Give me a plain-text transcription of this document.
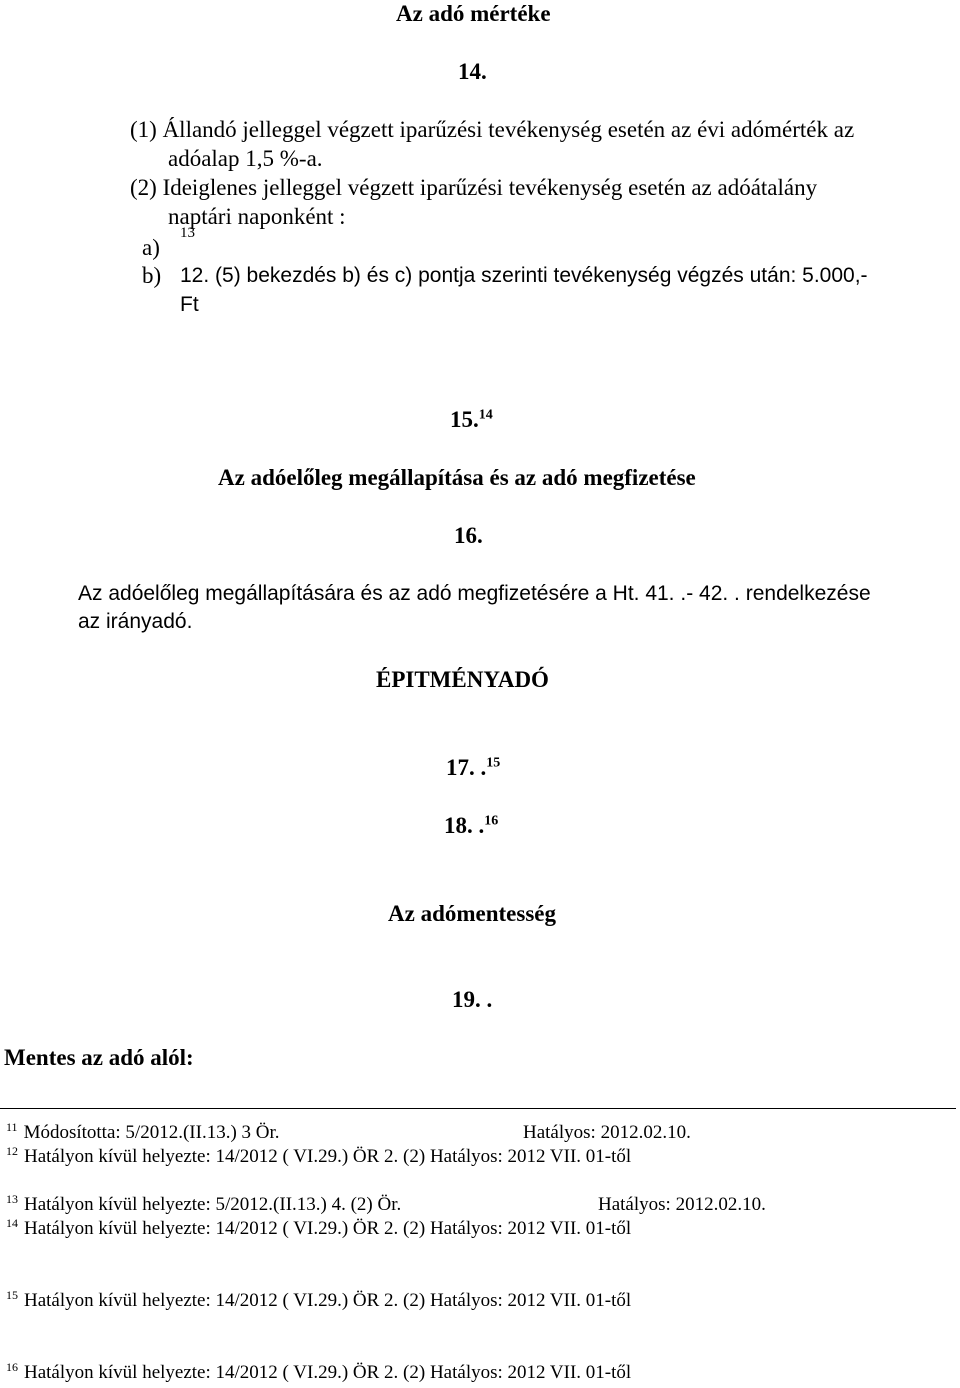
Az adó mértéke
14.
(1) Állandó jelleggel végzett iparűzési tevékenység esetén az évi adómérték az
adóalap 1,5 %-a.
(2) Ideiglenes jelleggel végzett iparűzési tevékenység esetén az adóátalány
naptári naponként :
a)
13
b) 12. (5) bekezdés b) és c) pontja szerinti tevékenység végzés után: 5.000,-
Ft
15.14
Az adóelőleg megállapítása és az adó megfizetése
16.
Az adóelőleg megállapítására és az adó megfizetésére a Ht. 41. .- 42. . rendelkezése
az irányadó.
ÉPITMÉNYADÓ
17. .$^{15}$
18. .$^{16}$
Az adómentesség
19. .
Mentes az adó alól:
$^{11}$ Módosította: 5/2012.(II.13.) 3 Ör.	Hatályos: 2012.02.10.
$^{12}$ Hatályon kívül helyezte: 14/2012 ( VI.29.) ÖR 2. (2) Hatályos: 2012 VII. 01-től
$^{13}$ Hatályon kívül helyezte: 5/2012.(II.13.) 4. (2) Ör.	Hatályos: 2012.02.10.
$^{14}$ Hatályon kívül helyezte: 14/2012 ( VI.29.) ÖR 2. (2) Hatályos: 2012 VII. 01-től
$^{15}$ Hatályon kívül helyezte: 14/2012 ( VI.29.) ÖR 2. (2) Hatályos: 2012 VII. 01-től
$^{16}$ Hatályon kívül helyezte: 14/2012 ( VI.29.) ÖR 2. (2) Hatályos: 2012 VII. 01-től
